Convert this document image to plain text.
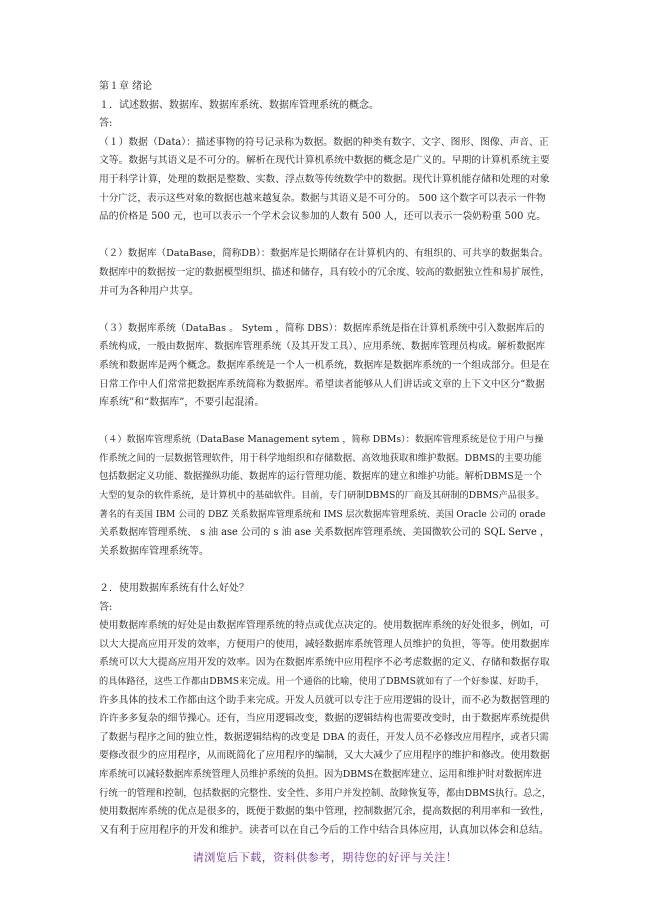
第１章 绪论
１．试述数据、数据库、数据库系统、数据库管理系统的概念。
答:
（１）数据（Data）：描述事物的符号记录称为数据。数据的种类有数字、文字、图形、图像、声音、正
文等。数据与其语义是不可分的。解析在现代计算机系统中数据的概念是广义的。早期的计算机系统主要
用于科学计算，处理的数据是整数、实数、浮点数等传统数学中的数据。现代计算机能存储和处理的对象
十分广泛，表示这些对象的数据也越来越复杂。数据与其语义是不可分的。 500 这个数字可以表示一件物
品的价格是 500 元，也可以表示一个学术会议参加的人数有 500 人，还可以表示一袋奶粉重 500 克。
（２）数据库（DataBase，简称DB）：数据库是长期储存在计算机内的、有组织的、可共享的数据集合。
数据库中的数据按一定的数据模型组织、描述和储存，具有较小的冗余度、较高的数据独立性和易扩展性，
并可为各种用户共享。
（３）数据库系统（DataBas 。 Sytem ，简称 DBS）：数据库系统是指在计算机系统中引入数据库后的
系统构成，一般由数据库、数据库管理系统（及其开发工具）、应用系统、数据库管理员构成。解析数据库
系统和数据库是两个概念。数据库系统是一个人一机系统，数据库是数据库系统的一个组成部分。但是在
日常工作中人们常常把数据库系统简称为数据库。希望读者能够从人们讲话或文章的上下文中区分“数据
库系统”和“数据库”，不要引起混淆。
（４）数据库管理系统（DataBase Management sytem ，简称 DBMs）：数据库管理系统是位于用户与操
作系统之间的一层数据管理软件，用于科学地组织和存储数据、高效地获取和维护数据。DBMS的主要功能
包括数据定义功能、数据操纵功能、数据库的运行管理功能、数据库的建立和维护功能。解析DBMS是一个
大型的复杂的软件系统，是计算机中的基础软件。目前，专门研制DBMS的厂商及其研制的DBMS产品很多。
著名的有美国 IBM 公司的 DBZ 关系数据库管理系统和 IMS 层次数据库管理系统、美国 Oracle 公司的 orade
关系数据库管理系统、 s 油 ase 公司的 s 油 ase 关系数据库管理系统、美国微软公司的 SQL Serve ，
关系数据库管理系统等。
２．使用数据库系统有什么好处？
答:
使用数据库系统的好处是由数据库管理系统的特点或优点决定的。使用数据库系统的好处很多，例如，可
以大大提高应用开发的效率，方便用户的使用，减轻数据库系统管理人员维护的负担，等等。使用数据库
系统可以大大提高应用开发的效率。因为在数据库系统中应用程序不必考虑数据的定义、存储和数据存取
的具体路径，这些工作都由DBMS来完成。用一个通俗的比喻，使用了DBMS就如有了一个好参谋、好助手，
许多具体的技术工作都由这个助手来完成。开发人员就可以专注于应用逻辑的设计，而不必为数据管理的
许许多多复杂的细节操心。还有，当应用逻辑改变，数据的逻辑结构也需要改变时，由于数据库系统提供
了数据与程序之间的独立性，数据逻辑结构的改变是 DBA 的责任，开发人员不必修改应用程序，或者只需
要修改很少的应用程序，从而既简化了应用程序的编制，又大大减少了应用程序的维护和修改。使用数据
库系统可以减轻数据库系统管理人员维护系统的负担。因为DBMS在数据库建立、运用和维护时对数据库进
行统一的管理和控制，包括数据的完整性、安全性、多用户并发控制、故障恢复等，都由DBMS执行。总之，
使用数据库系统的优点是很多的，既便于数据的集中管理，控制数据冗余，提高数据的利用率和一致性，
又有利于应用程序的开发和维护。读者可以在自己今后的工作中结合具体应用，认真加以体会和总结。
请浏览后下载，资料供参考，期待您的好评与关注！
